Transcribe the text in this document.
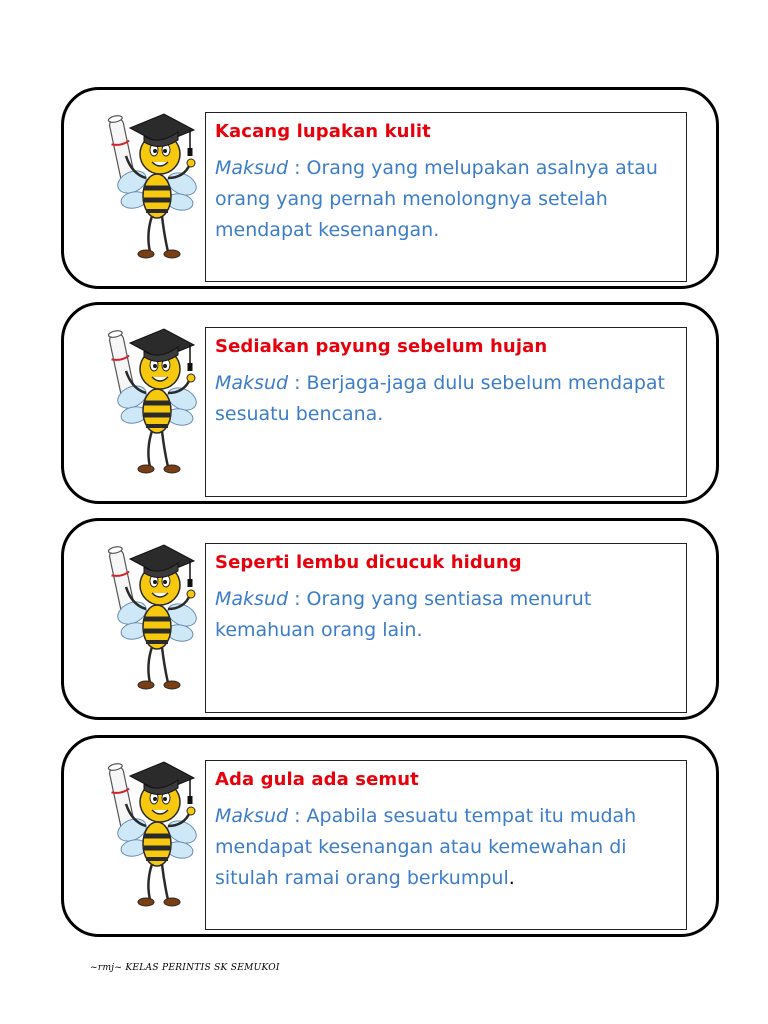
Kacang lupakan kulit

Maksud : Orang yang melupakan asalnya atau orang yang pernah menolongnya setelah mendapat kesenangan.

Sediakan payung sebelum hujan

Maksud : Berjaga-jaga dulu sebelum mendapat sesuatu bencana.

Seperti lembu dicucuk hidung

Maksud : Orang yang sentiasa menurut kemahuan orang lain.

Ada gula ada semut

Maksud : Apabila sesuatu tempat itu mudah mendapat kesenangan atau kemewahan di situlah ramai orang berkumpul.

~rmj~ KELAS PERINTIS SK SEMUKOI
